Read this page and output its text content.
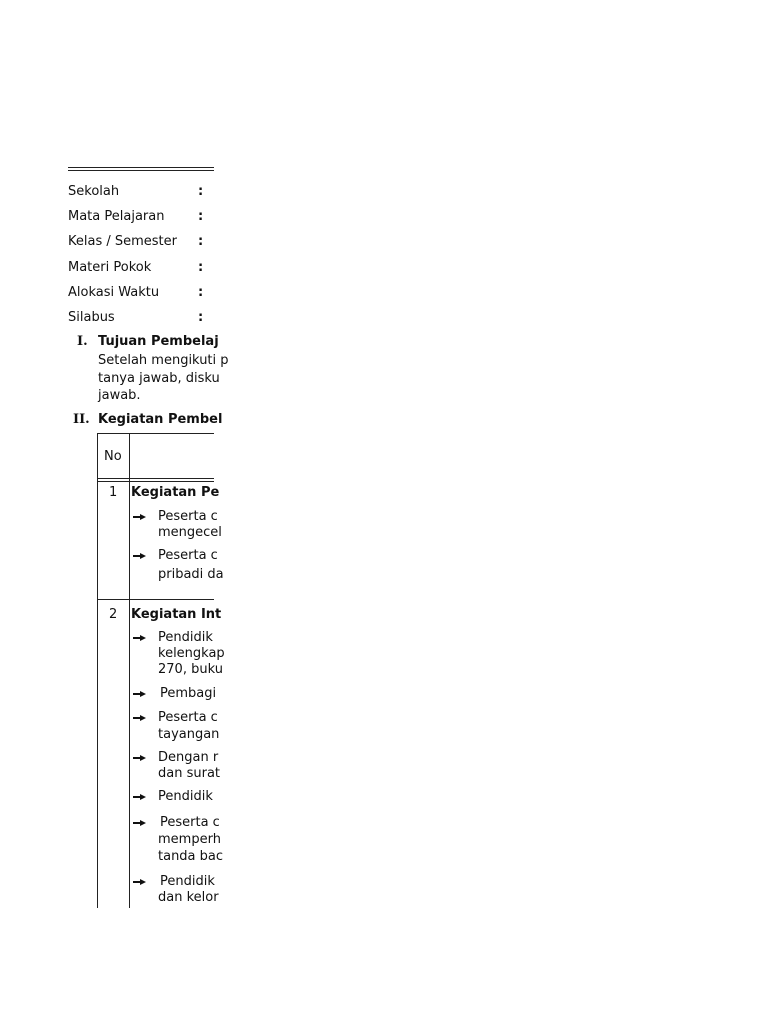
Sekolah	:
Mata Pelajaran	:
Kelas / Semester :
Materi Pokok	:
Alokasi Waktu	:
Silabus	:
I. Tujuan Pembelaj
Setelah mengikuti p
tanya jawab, disku
jawab.
II. Kegiatan Pembel
No
1 Kegiatan Pe
Peserta c
mengecel
Peserta c
pribadi da
2 Kegiatan Int
Pendidik
kelengkap
270, buku
Pembagi
Peserta c
tayangan
Dengan r
dan surat
Pendidik
Peserta c
memperh
tanda bac
Pendidik
dan kelor
